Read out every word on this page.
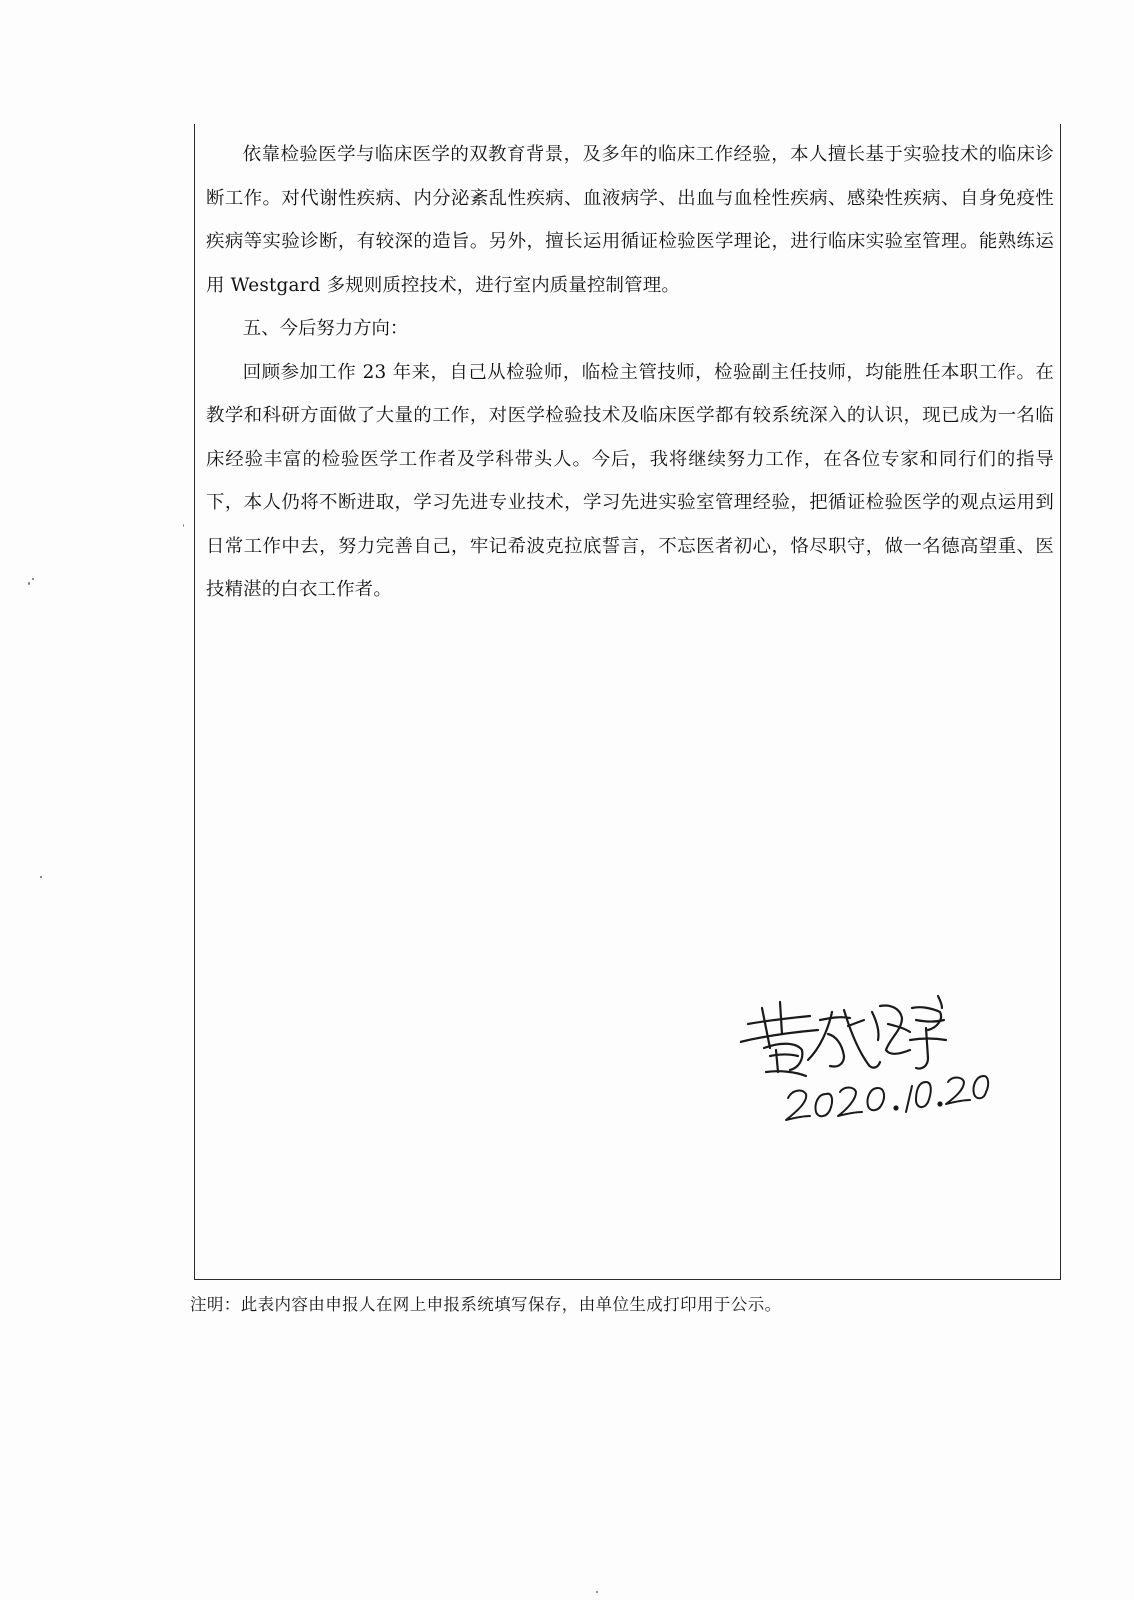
依靠检验医学与临床医学的双教育背景，及多年的临床工作经验，本人擅长基于实验技术的临床诊断工作。对代谢性疾病、内分泌紊乱性疾病、血液病学、出血与血栓性疾病、感染性疾病、自身免疫性疾病等实验诊断，有较深的造旨。另外，擅长运用循证检验医学理论，进行临床实验室管理。能熟练运用 Westgard 多规则质控技术，进行室内质量控制管理。

五、今后努力方向：

回顾参加工作 23 年来，自己从检验师，临检主管技师，检验副主任技师，均能胜任本职工作。在教学和科研方面做了大量的工作，对医学检验技术及临床医学都有较系统深入的认识，现已成为一名临床经验丰富的检验医学工作者及学科带头人。今后，我将继续努力工作，在各位专家和同行们的指导下，本人仍将不断进取，学习先进专业技术，学习先进实验室管理经验，把循证检验医学的观点运用到日常工作中去，努力完善自己，牢记希波克拉底誓言，不忘医者初心，恪尽职守，做一名德高望重、医技精湛的白衣工作者。

注明：此表内容由申报人在网上申报系统填写保存，由单位生成打印用于公示。
